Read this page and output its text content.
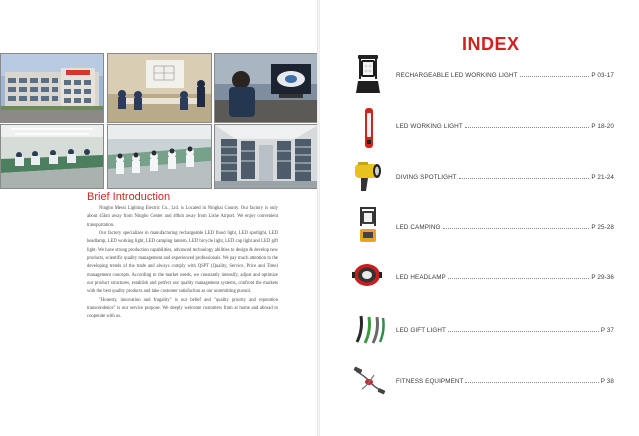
Brief Introduction

Ningbo Messi Lighting Electric Co., Ltd. is Located in Ninghai County. Our factory is only about 45km away from Ningbo Center and 40km away from Lishe Airport. We enjoy convenient transportation.

Our factory specializes in manufacturing rechargeable LED flood light, LED spotlight, LED headlamp, LED working light, LED camping lantern, LED bicycle light, LED cap light and LED gift light. We have strong production capabilities, advanced technology abilities to design & develop new products, scientific quality management and experienced professionals. We pay much attention to the developing trends of the trade and always comply with QSPT (Quality, Service, Price and Time) management concepts. According to the market needs, we constantly intensify, adjust and optimize our product structures, establish and perfect our quality management systems, confront the markets with the best quality products and take customer satisfaction as our unremitting pursuit.

"Honesty, innovation and frugality" is our belief and "quality priority and reputation transcendence" is our service purpose. We deeply welcome customers from at home and abroad to cooperate with us.

INDEX
RECHARGEABLE LED WORKING LIGHT	P 03-17
LED WORKING LIGHT	P 18-20
DIVING SPOTLIGHT	P 21-24
LED CAMPING	P 25-28
LED HEADLAMP	P 29-36
LED GIFT LIGHT	P 37
FITNESS EQUIPMENT	P 38
